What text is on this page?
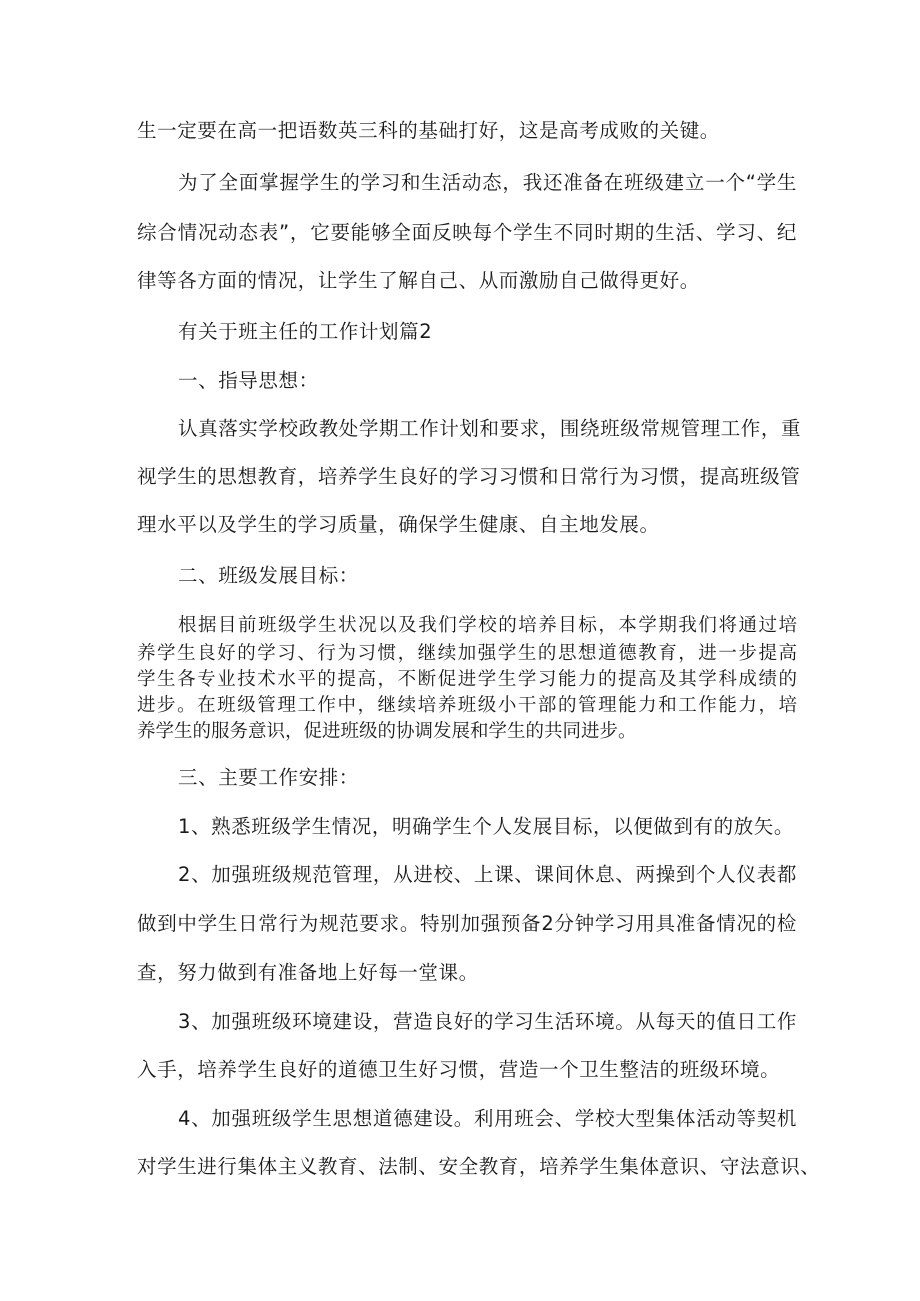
生一定要在高一把语数英三科的基础打好，这是高考成败的关键。
为了全面掌握学生的学习和生活动态，我还准备在班级建立一个“学生
综合情况动态表”，它要能够全面反映每个学生不同时期的生活、学习、纪
律等各方面的情况，让学生了解自己、从而激励自己做得更好。
有关于班主任的工作计划篇2
一、指导思想：
认真落实学校政教处学期工作计划和要求，围绕班级常规管理工作，重
视学生的思想教育，培养学生良好的学习习惯和日常行为习惯，提高班级管
理水平以及学生的学习质量，确保学生健康、自主地发展。
二、班级发展目标：
根据目前班级学生状况以及我们学校的培养目标，本学期我们将通过培
养学生良好的学习、行为习惯，继续加强学生的思想道德教育，进一步提高
学生各专业技术水平的提高，不断促进学生学习能力的提高及其学科成绩的
进步。在班级管理工作中，继续培养班级小干部的管理能力和工作能力，培
养学生的服务意识，促进班级的协调发展和学生的共同进步。
三、主要工作安排：
1、熟悉班级学生情况，明确学生个人发展目标，以便做到有的放矢。
2、加强班级规范管理，从进校、上课、课间休息、两操到个人仪表都
做到中学生日常行为规范要求。特别加强预备2分钟学习用具准备情况的检
查，努力做到有准备地上好每一堂课。
3、加强班级环境建设，营造良好的学习生活环境。从每天的值日工作
入手，培养学生良好的道德卫生好习惯，营造一个卫生整洁的班级环境。
4、加强班级学生思想道德建设。利用班会、学校大型集体活动等契机
对学生进行集体主义教育、法制、安全教育，培养学生集体意识、守法意识、
